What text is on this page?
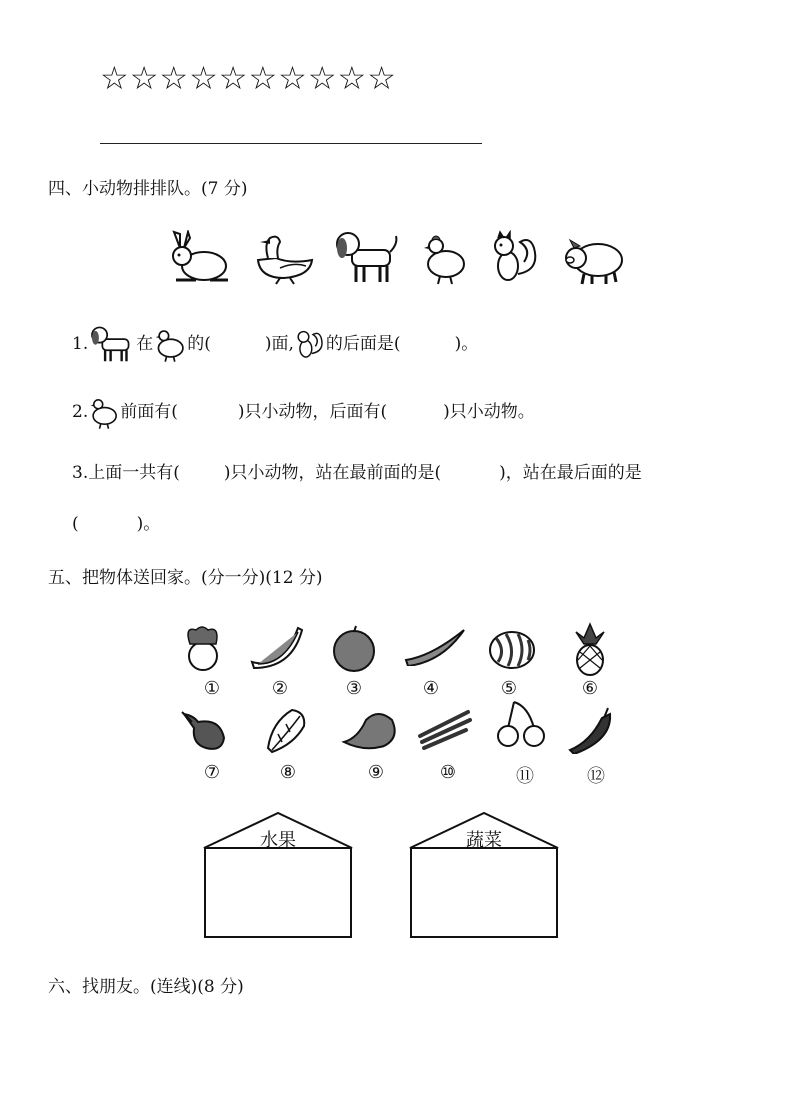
☆☆☆☆☆☆☆☆☆☆
四、小动物排排队。(7 分)
1.	在 的(	)面, 的后面是(	)。
2. 前面有(	)只小动物，后面有(	)只小动物。
3.上面一共有(	)只小动物，站在最前面的是(	)，站在最后面的是
(	)。
五、把物体送回家。(分一分)(12 分)
①	②	③	④	⑤	⑥
⑦	⑧	⑨	⑩	⑪	⑫
水果	蔬菜
六、找朋友。(连线)(8 分)
